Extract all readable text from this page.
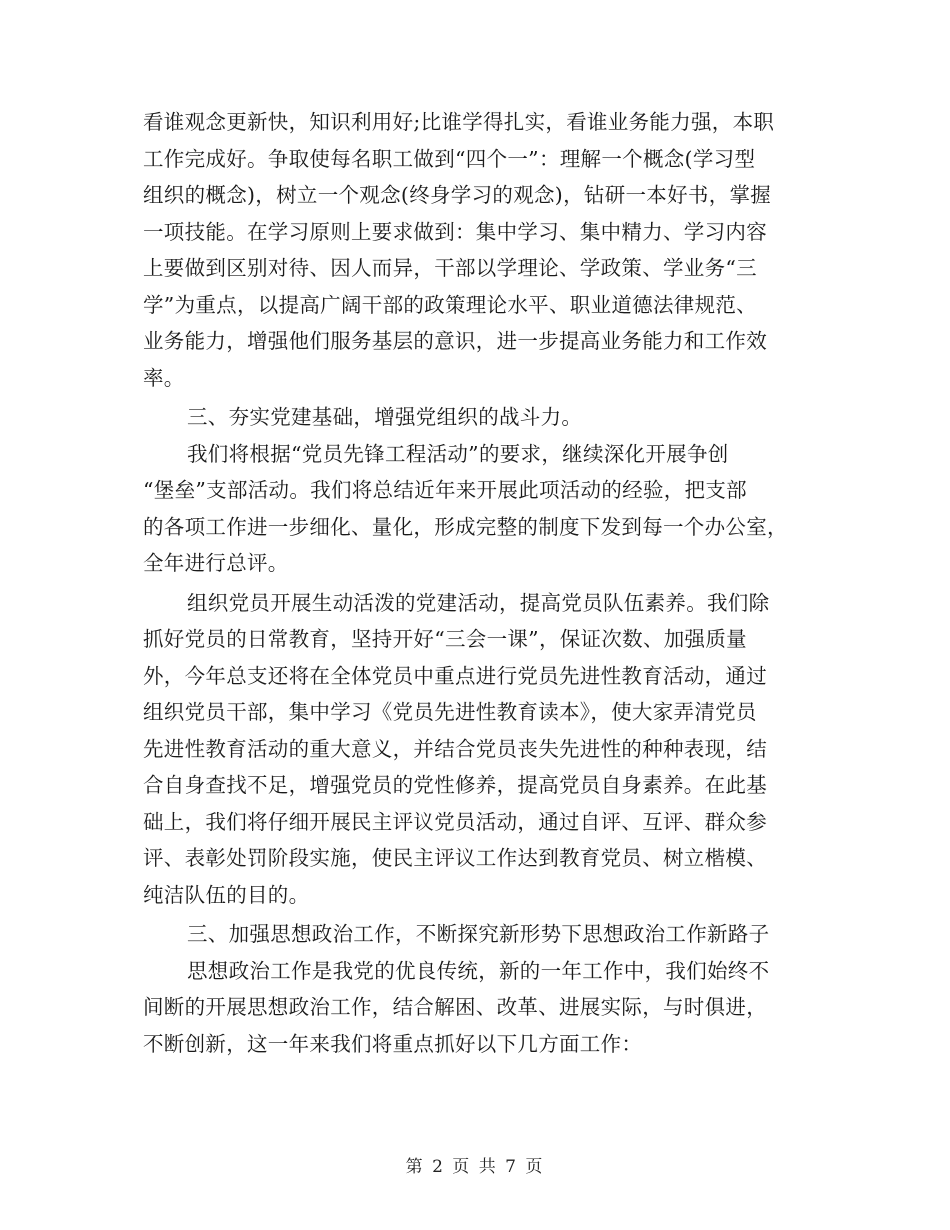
看谁观念更新快，知识利用好;比谁学得扎实，看谁业务能力强，本职
工作完成好。争取使每名职工做到“四个一”：理解一个概念(学习型
组织的概念)，树立一个观念(终身学习的观念)，钻研一本好书，掌握
一项技能。在学习原则上要求做到：集中学习、集中精力、学习内容
上要做到区别对待、因人而异，干部以学理论、学政策、学业务“三
学”为重点，以提高广阔干部的政策理论水平、职业道德法律规范、
业务能力，增强他们服务基层的意识，进一步提高业务能力和工作效
率。
三、夯实党建基础，增强党组织的战斗力。
我们将根据“党员先锋工程活动”的要求，继续深化开展争创
“堡垒”支部活动。我们将总结近年来开展此项活动的经验，把支部
的各项工作进一步细化、量化，形成完整的制度下发到每一个办公室，
全年进行总评。
组织党员开展生动活泼的党建活动，提高党员队伍素养。我们除
抓好党员的日常教育，坚持开好“三会一课”，保证次数、加强质量
外，今年总支还将在全体党员中重点进行党员先进性教育活动，通过
组织党员干部，集中学习《党员先进性教育读本》，使大家弄清党员
先进性教育活动的重大意义，并结合党员丧失先进性的种种表现，结
合自身查找不足，增强党员的党性修养，提高党员自身素养。在此基
础上，我们将仔细开展民主评议党员活动，通过自评、互评、群众参
评、表彰处罚阶段实施，使民主评议工作达到教育党员、树立楷模、
纯洁队伍的目的。
三、加强思想政治工作，不断探究新形势下思想政治工作新路子
思想政治工作是我党的优良传统，新的一年工作中，我们始终不
间断的开展思想政治工作，结合解困、改革、进展实际，与时俱进，
不断创新，这一年来我们将重点抓好以下几方面工作：
第 2 页 共 7 页
